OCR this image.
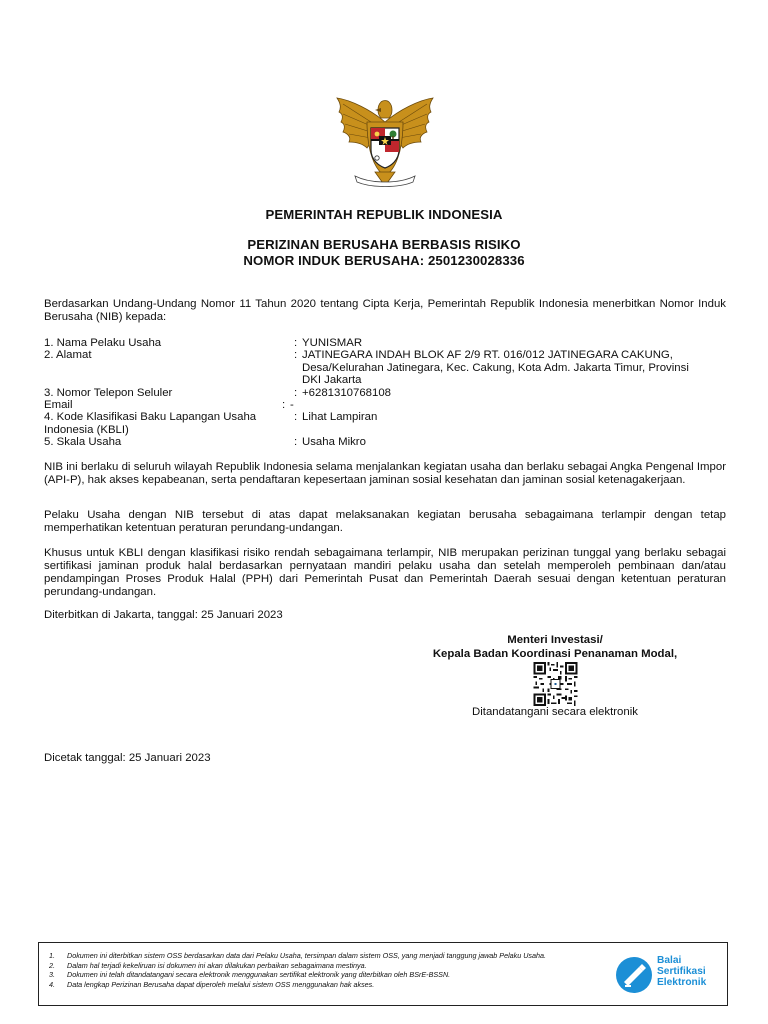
PEMERINTAH REPUBLIK INDONESIA
PERIZINAN BERUSAHA BERBASIS RISIKO
NOMOR INDUK BERUSAHA: 2501230028336
Berdasarkan Undang-Undang Nomor 11 Tahun 2020 tentang Cipta Kerja, Pemerintah Republik Indonesia menerbitkan Nomor Induk Berusaha (NIB) kepada:
1. Nama Pelaku Usaha	: YUNISMAR
2. Alamat	: JATINEGARA INDAH BLOK AF 2/9 RT. 016/012 JATINEGARA CAKUNG, Desa/Kelurahan Jatinegara, Kec. Cakung, Kota Adm. Jakarta Timur, Provinsi DKI Jakarta
3. Nomor Telepon Seluler	: +6281310768108
Email	: -
4. Kode Klasifikasi Baku Lapangan Usaha Indonesia (KBLI)
: Lihat Lampiran
5. Skala Usaha	: Usaha Mikro
NIB ini berlaku di seluruh wilayah Republik Indonesia selama menjalankan kegiatan usaha dan berlaku sebagai Angka Pengenal Impor (API-P), hak akses kepabeanan, serta pendaftaran kepesertaan jaminan sosial kesehatan dan jaminan sosial ketenagakerjaan.
Pelaku Usaha dengan NIB tersebut di atas dapat melaksanakan kegiatan berusaha sebagaimana terlampir dengan tetap memperhatikan ketentuan peraturan perundang-undangan.
Khusus untuk KBLI dengan klasifikasi risiko rendah sebagaimana terlampir, NIB merupakan perizinan tunggal yang berlaku sebagai sertifikasi jaminan produk halal berdasarkan pernyataan mandiri pelaku usaha dan setelah memperoleh pembinaan dan/atau pendampingan Proses Produk Halal (PPH) dari Pemerintah Pusat dan Pemerintah Daerah sesuai dengan ketentuan peraturan perundang-undangan.
Diterbitkan di Jakarta, tanggal: 25 Januari 2023
Menteri Investasi/
Kepala Badan Koordinasi Penanaman Modal,
Ditandatangani secara elektronik
Dicetak tanggal: 25 Januari 2023
1.	Dokumen ini diterbitkan sistem OSS berdasarkan data dari Pelaku Usaha, tersimpan dalam sistem OSS, yang menjadi tanggung jawab Pelaku Usaha.
2.	Dalam hal terjadi kekeliruan isi dokumen ini akan dilakukan perbaikan sebagaimana mestinya.
3.	Dokumen ini telah ditandatangani secara elektronik menggunakan sertifikat elektronik yang diterbitkan oleh BSrE-BSSN.
4.	Data lengkap Perizinan Berusaha dapat diperoleh melalui sistem OSS menggunakan hak akses.
Balai
Sertifikasi
Elektronik
